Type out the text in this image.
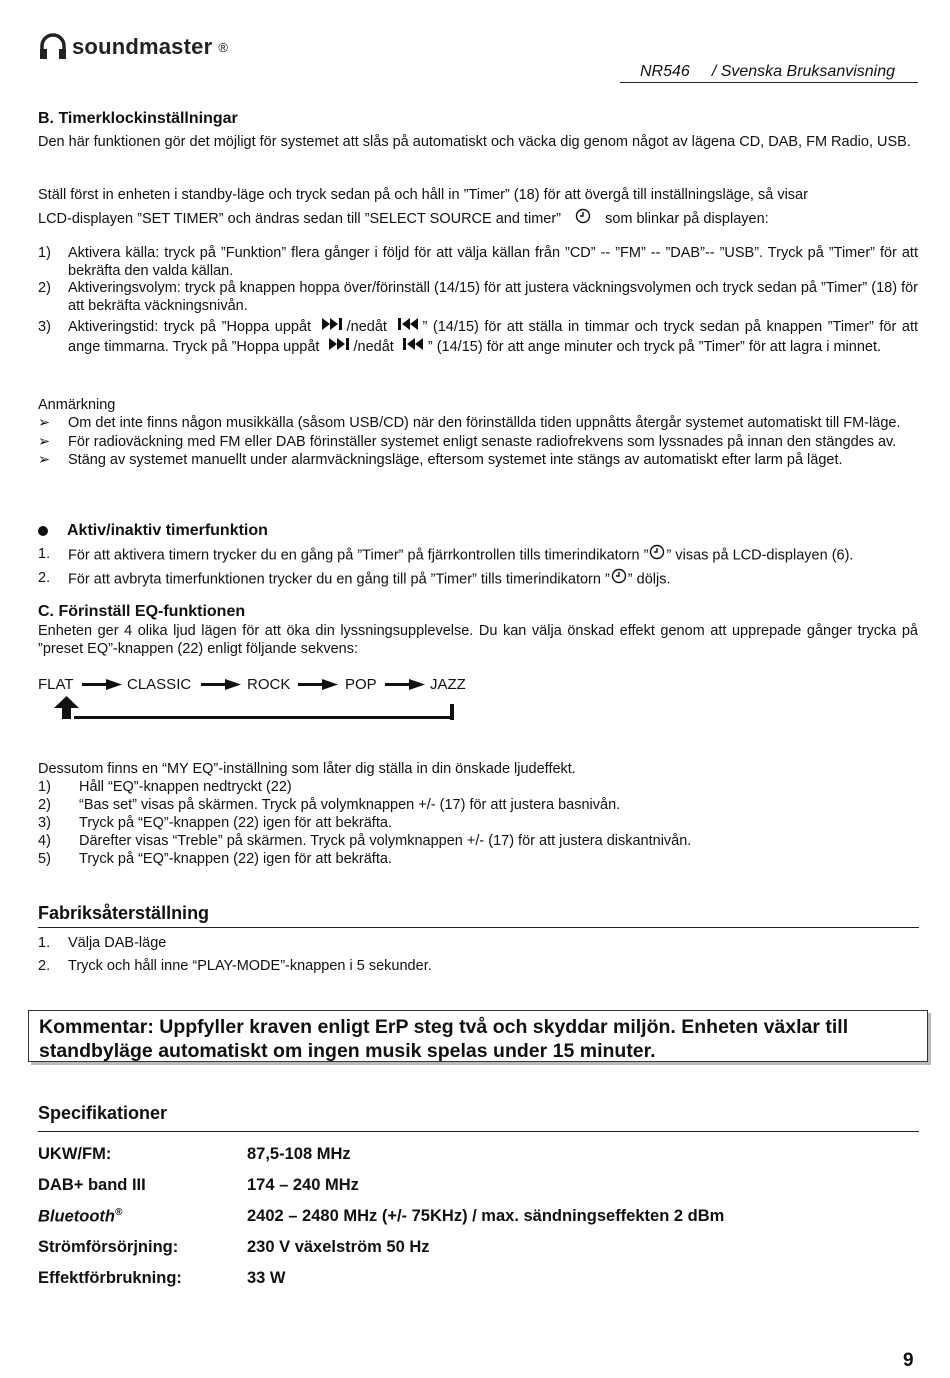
soundmaster ®
NR546 / Svenska Bruksanvisning
B. Timerklockinställningar
Den här funktionen gör det möjligt för systemet att slås på automatiskt och väcka dig genom något av lägena CD, DAB, FM Radio, USB.
Ställ först in enheten i standby-läge och tryck sedan på och håll in ”Timer” (18) för att övergå till inställningsläge, så visar
LCD-displayen ”SET TIMER” och ändras sedan till ”SELECT SOURCE and timer”	som blinkar på displayen:
1)	Aktivera källa: tryck på ”Funktion” flera gånger i följd för att välja källan från ”CD” -- ”FM” -- ”DAB”-- ”USB”. Tryck på ”Timer” för att bekräfta den valda källan.
2)	Aktiveringsvolym: tryck på knappen hoppa över/förinställ (14/15) för att justera väckningsvolymen och tryck sedan på ”Timer” (18) för att bekräfta väckningsnivån.
3)	Aktiveringstid: tryck på ”Hoppa uppåt /nedåt ” (14/15) för att ställa in timmar och tryck sedan på knappen ”Timer” för att ange timmarna. Tryck på ”Hoppa uppåt /nedåt ” (14/15) för att ange minuter och tryck på ”Timer” för att lagra i minnet.
Anmärkning
➢	Om det inte finns någon musikkälla (såsom USB/CD) när den förinställda tiden uppnåtts återgår systemet automatiskt till FM-läge.
➢	För radioväckning med FM eller DAB förinställer systemet enligt senaste radiofrekvens som lyssnades på innan den stängdes av.
➢	Stäng av systemet manuellt under alarmväckningsläge, eftersom systemet inte stängs av automatiskt efter larm på läget.
Aktiv/inaktiv timerfunktion
1.	För att aktivera timern trycker du en gång på ”Timer” på fjärrkontrollen tills timerindikatorn ” ” visas på LCD-displayen (6).
2.	För att avbryta timerfunktionen trycker du en gång till på ”Timer” tills timerindikatorn ” ” döljs.
C. Förinställ EQ-funktionen
Enheten ger 4 olika ljud lägen för att öka din lyssningsupplevelse. Du kan välja önskad effekt genom att upprepade gånger trycka på ”preset EQ”-knappen (22) enligt följande sekvens:
FLAT	CLASSIC	ROCK	POP	JAZZ
Dessutom finns en “MY EQ”-inställning som låter dig ställa in din önskade ljudeffekt.
1)	Håll “EQ”-knappen nedtryckt (22)
2)	“Bas set” visas på skärmen. Tryck på volymknappen +/- (17) för att justera basnivån.
3)	Tryck på “EQ”-knappen (22) igen för att bekräfta.
4)	Därefter visas “Treble” på skärmen. Tryck på volymknappen +/- (17) för att justera diskantnivån.
5)	Tryck på “EQ”-knappen (22) igen för att bekräfta.
Fabriksåterställning
1.	Välja DAB-läge
2.	Tryck och håll inne “PLAY-MODE”-knappen i 5 sekunder.
Kommentar: Uppfyller kraven enligt ErP steg två och skyddar miljön. Enheten växlar till standbyläge automatiskt om ingen musik spelas under 15 minuter.
Specifikationer
UKW/FM:	87,5-108 MHz
DAB+ band III	174 – 240 MHz
Bluetooth®	2402 – 2480 MHz (+/- 75KHz) / max. sändningseffekten 2 dBm
Strömförsörjning:	230 V växelström 50 Hz
Effektförbrukning:	33 W
9
